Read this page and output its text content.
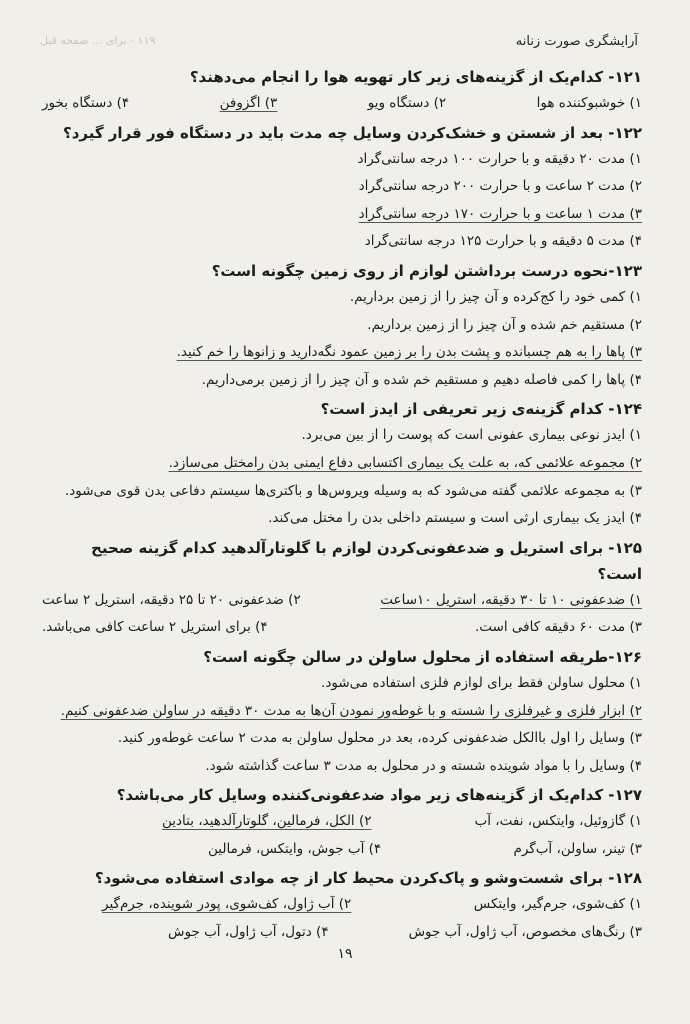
آرایشگری صورت زنانه
۱۱۹ - برای ... صفحه قبل
۱۲۱- کدام‌یک از گزینه‌های زیر کار تهویه هوا را انجام می‌دهند؟
۱) خوشبوکننده هوا
۲) دستگاه ویو
۳) اگزوفن
۴) دستگاه بخور
۱۲۲- بعد از شستن و خشک‌کردن وسایل چه مدت باید در دستگاه فور قرار گیرد؟
۱) مدت ۲۰ دقیقه و با حرارت ۱۰۰ درجه سانتی‌گراد
۲) مدت ۲ ساعت و با حرارت ۲۰۰ درجه سانتی‌گراد
۳) مدت ۱ ساعت و با حرارت ۱۷۰ درجه سانتی‌گراد
۴) مدت ۵ دقیقه و با حرارت ۱۲۵ درجه سانتی‌گراد
۱۲۳-نحوه درست برداشتن لوازم از روی زمین چگونه است؟
۱) کمی خود را کج‌کرده و آن چیز را از زمین برداریم.
۲) مستقیم خم شده و آن چیز را از زمین برداریم.
۳) پاها را به هم چسبانده و پشت بدن را بر زمین عمود نگه‌دارید و زانوها را خم کنید.
۴) پاها را کمی فاصله دهیم و مستقیم خم شده و آن چیز را از زمین برمی‌داریم.
۱۲۴- کدام گزینه‌ی زیر تعریفی از ایدز است؟
۱) ایدز نوعی بیماری عفونی است که پوست را از بین می‌برد.
۲) مجموعه علائمی که، به علت یک بیماری اکتسابی دفاع ایمنی بدن رامختل می‌سازد.
۳) به مجموعه علائمی گفته می‌شود که به وسیله ویروس‌ها و باکتری‌ها سیستم دفاعی بدن قوی می‌شود.
۴) ایدز یک بیماری ارثی است و سیستم داخلی بدن را مختل می‌کند.
۱۲۵- برای استریل و ضدعفونی‌کردن لوازم با گلوتارآلدهید کدام گزینه صحیح است؟
۱) ضدعفونی ۱۰ تا ۳۰ دقیقه، استریل ۱۰ساعت
۲) ضدعفونی ۲۰ تا ۲۵ دقیقه، استریل ۲ ساعت
۳) مدت ۶۰ دقیقه کافی است.
۴) برای استریل ۲ ساعت کافی می‌باشد.
۱۲۶-طریقه استفاده از محلول ساولن در سالن چگونه است؟
۱) محلول ساولن فقط برای لوازم فلزی استفاده می‌شود.
۲) ابزار فلزی و غیرفلزی را شسته و با غوطه‌ور نمودن آن‌ها به مدت ۳۰ دقیقه در ساولن ضدعفونی کنیم.
۳) وسایل را اول باالکل ضدعفونی کرده، بعد در محلول ساولن به مدت ۲ ساعت غوطه‌ور کنید.
۴) وسایل را با مواد شوینده شسته و در محلول به مدت ۳ ساعت گذاشته شود.
۱۲۷- کدام‌یک از گزینه‌های زیر مواد ضدعفونی‌کننده وسایل کار می‌باشد؟
۱) گازوئیل، وایتکس، نفت، آب
۲) الکل، فرمالین، گلوتارآلدهید، بتادین
۳) تینر، ساولن، آب‌گرم
۴) آب جوش، وایتکس، فرمالین
۱۲۸- برای شست‌وشو و پاک‌کردن محیط کار از چه موادی استفاده می‌شود؟
۱) کف‌شوی، جرم‌گیر، وایتکس
۲) آب ژاول، کف‌شوی، پودر شوینده، جرم‌گیر
۳) رنگ‌های مخصوص، آب ژاول، آب جوش
۴) دتول، آب ژاول، آب جوش
۱۹
